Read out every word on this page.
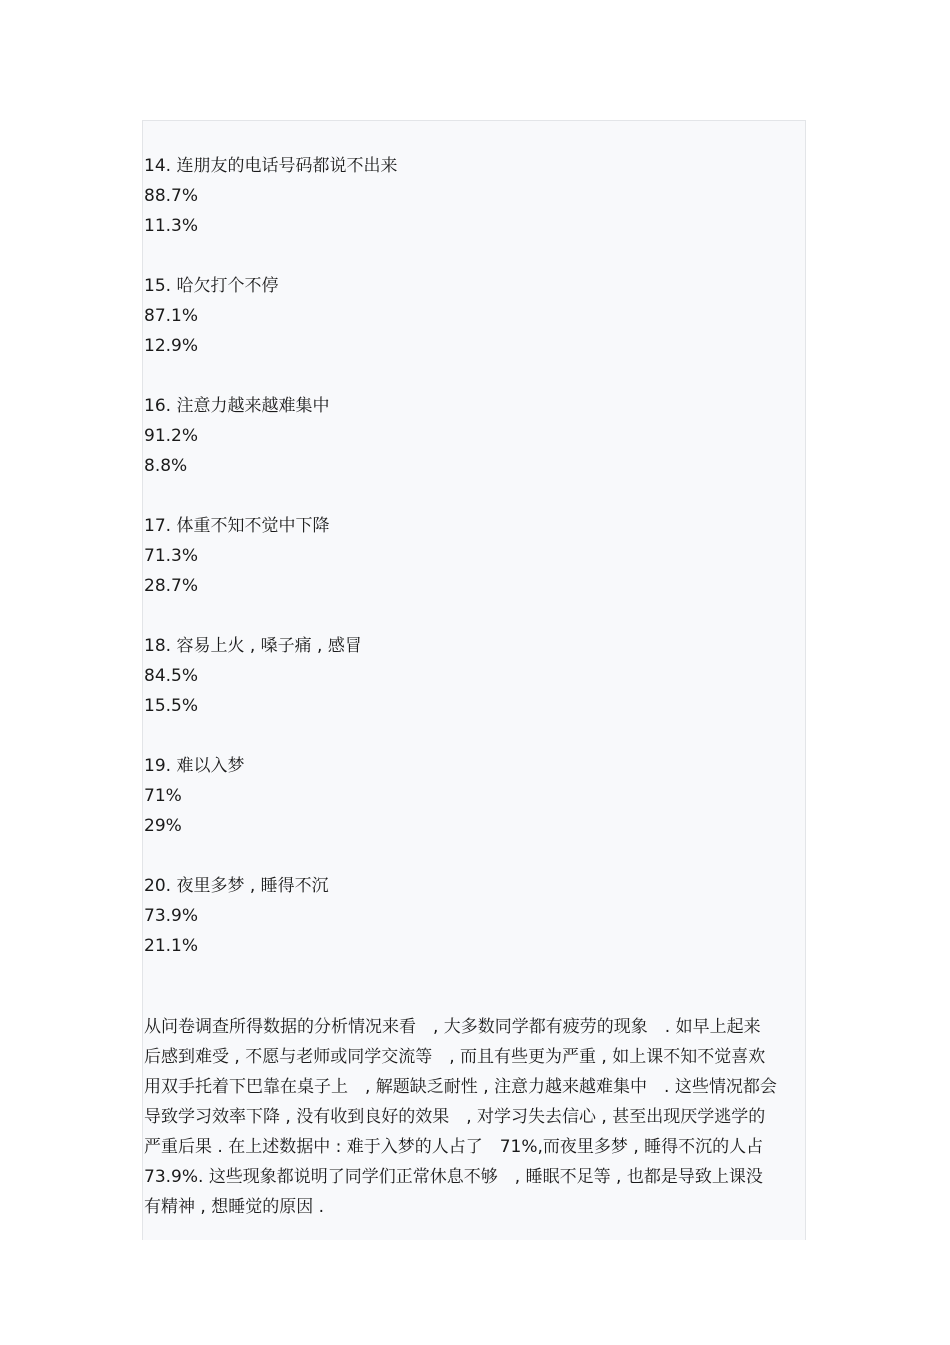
14. 连朋友的电话号码都说不出来
88.7%
11.3%
15. 哈欠打个不停
87.1%
12.9%
16. 注意力越来越难集中
91.2%
8.8%
17. 体重不知不觉中下降
71.3%
28.7%
18. 容易上火 , 嗓子痛 , 感冒
84.5%
15.5%
19. 难以入梦
71%
29%
20. 夜里多梦 , 睡得不沉
73.9%
21.1%
从问卷调查所得数据的分析情况来看　, 大多数同学都有疲劳的现象　. 如早上起来
后感到难受 , 不愿与老师或同学交流等　, 而且有些更为严重 , 如上课不知不觉喜欢
用双手托着下巴靠在桌子上　, 解题缺乏耐性 , 注意力越来越难集中　. 这些情况都会
导致学习效率下降 , 没有收到良好的效果　, 对学习失去信心 , 甚至出现厌学逃学的
严重后果 . 在上述数据中 : 难于入梦的人占了　71%,而夜里多梦 , 睡得不沉的人占
73.9%. 这些现象都说明了同学们正常休息不够　, 睡眠不足等 , 也都是导致上课没
有精神 , 想睡觉的原因 .
